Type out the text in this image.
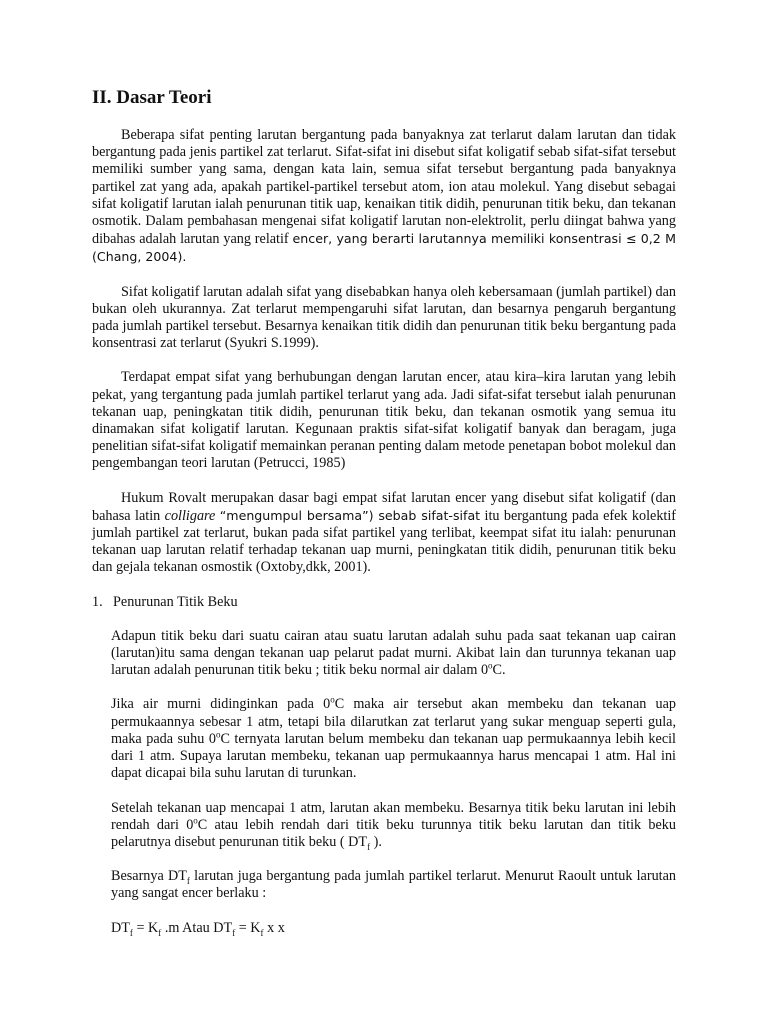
II. Dasar Teori

Beberapa sifat penting larutan bergantung pada banyaknya zat terlarut dalam larutan dan tidak bergantung pada jenis partikel zat terlarut. Sifat-sifat ini disebut sifat koligatif sebab sifat-sifat tersebut memiliki sumber yang sama, dengan kata lain, semua sifat tersebut bergantung pada banyaknya partikel zat yang ada, apakah partikel-partikel tersebut atom, ion atau molekul. Yang disebut sebagai sifat koligatif larutan ialah penurunan titik uap, kenaikan titik didih, penurunan titik beku, dan tekanan osmotik. Dalam pembahasan mengenai sifat koligatif larutan non-elektrolit, perlu diingat bahwa yang dibahas adalah larutan yang relatif encer, yang berarti larutannya memiliki konsentrasi ≤ 0,2 M (Chang, 2004).

Sifat koligatif larutan adalah sifat yang disebabkan hanya oleh kebersamaan (jumlah partikel) dan bukan oleh ukurannya. Zat terlarut mempengaruhi sifat larutan, dan besarnya pengaruh bergantung pada jumlah partikel tersebut. Besarnya kenaikan titik didih dan penurunan titik beku bergantung pada konsentrasi zat terlarut (Syukri S.1999).

Terdapat empat sifat yang berhubungan dengan larutan encer, atau kira–kira larutan yang lebih pekat, yang tergantung pada jumlah partikel terlarut yang ada. Jadi sifat-sifat tersebut ialah penurunan tekanan uap, peningkatan titik didih, penurunan titik beku, dan tekanan osmotik yang semua itu dinamakan sifat koligatif larutan. Kegunaan praktis sifat-sifat koligatif banyak dan beragam, juga penelitian sifat-sifat koligatif memainkan peranan penting dalam metode penetapan bobot molekul dan pengembangan teori larutan (Petrucci, 1985)

Hukum Rovalt merupakan dasar bagi empat sifat larutan encer yang disebut sifat koligatif (dan bahasa latin colligare “mengumpul bersama”) sebab sifat-sifat itu bergantung pada efek kolektif jumlah partikel zat terlarut, bukan pada sifat partikel yang terlibat, keempat sifat itu ialah: penurunan tekanan uap larutan relatif terhadap tekanan uap murni, peningkatan titik didih, penurunan titik beku dan gejala tekanan osmostik (Oxtoby,dkk, 2001).

1. Penurunan Titik Beku

Adapun titik beku dari suatu cairan atau suatu larutan adalah suhu pada saat tekanan uap cairan (larutan)itu sama dengan tekanan uap pelarut padat murni. Akibat lain dan turunnya tekanan uap larutan adalah penurunan titik beku ; titik beku normal air dalam 0$^o$C.

Jika air murni didinginkan pada 0$^o$C maka air tersebut akan membeku dan tekanan uap permukaannya sebesar 1 atm, tetapi bila dilarutkan zat terlarut yang sukar menguap seperti gula, maka pada suhu 0$^o$C ternyata larutan belum membeku dan tekanan uap permukaannya lebih kecil dari 1 atm. Supaya larutan membeku, tekanan uap permukaannya harus mencapai 1 atm. Hal ini dapat dicapai bila suhu larutan di turunkan.

Setelah tekanan uap mencapai 1 atm, larutan akan membeku. Besarnya titik beku larutan ini lebih rendah dari 0$^o$C atau lebih rendah dari titik beku turunnya titik beku larutan dan titik beku pelarutnya disebut penurunan titik beku ( $DT_f$ ).

Besarnya $DT_f$ larutan juga bergantung pada jumlah partikel terlarut. Menurut Raoult untuk larutan yang sangat encer berlaku :

$DT_f = K_f$ .m Atau $DT_f = K_f$ x x
